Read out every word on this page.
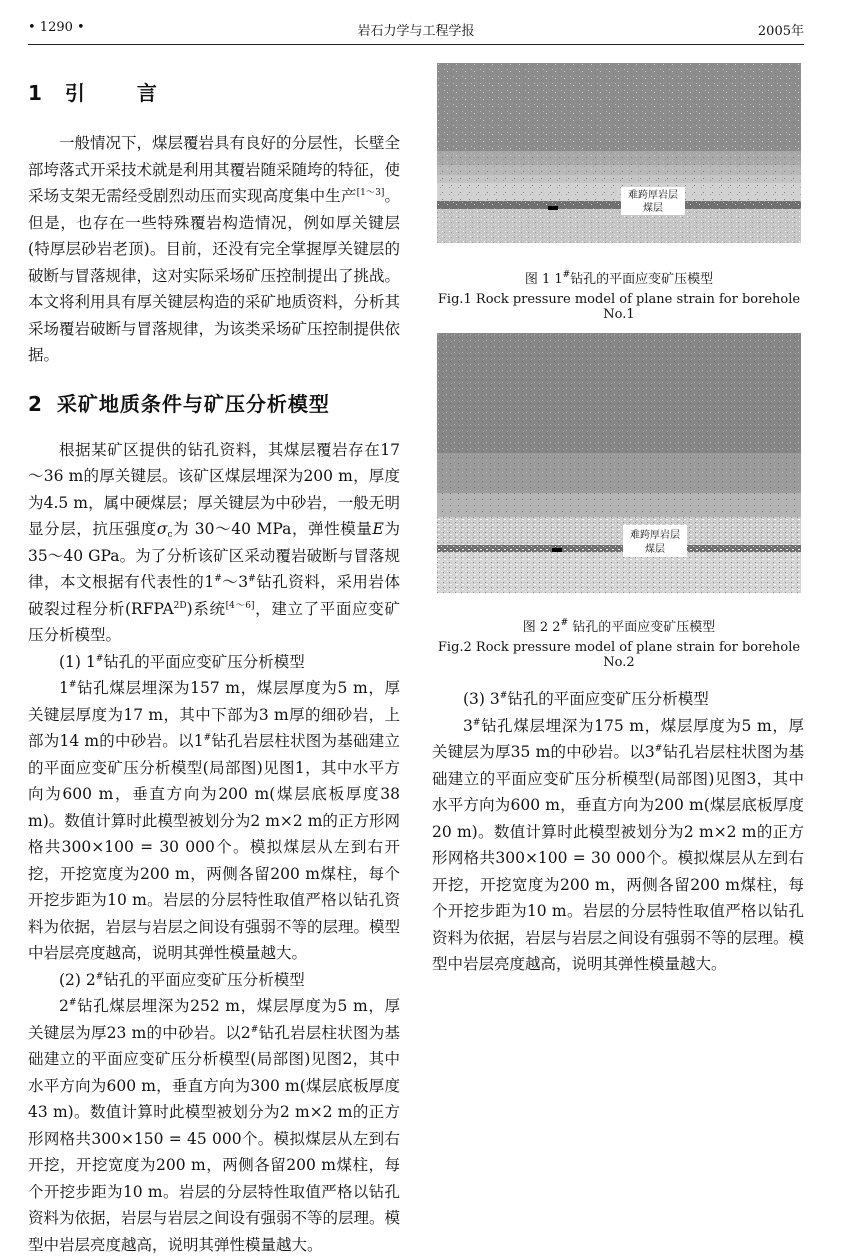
• 1290 •	岩石力学与工程学报	2005年
1 引　言

一般情况下，煤层覆岩具有良好的分层性，长壁全部垮落式开采技术就是利用其覆岩随采随垮的特征，使采场支架无需经受剧烈动压而实现高度集中生产[1～3]。但是，也存在一些特殊覆岩构造情况，例如厚关键层(特厚层砂岩老顶)。目前，还没有完全掌握厚关键层的破断与冒落规律，这对实际采场矿压控制提出了挑战。本文将利用具有厚关键层构造的采矿地质资料，分析其采场覆岩破断与冒落规律，为该类采场矿压控制提供依据。

2 采矿地质条件与矿压分析模型

根据某矿区提供的钻孔资料，其煤层覆岩存在17～36 m的厚关键层。该矿区煤层埋深为200 m，厚度为4.5 m，属中硬煤层；厚关键层为中砂岩，一般无明显分层，抗压强度$\sigma_c$为 30～40 MPa，弹性模量E为35～40 GPa。为了分析该矿区采动覆岩破断与冒落规律，本文根据有代表性的1#～3#钻孔资料，采用岩体破裂过程分析$(RFPA^{2D})$系统[4～6]，建立了平面应变矿压分析模型。

(1) 1#钻孔的平面应变矿压分析模型

1#钻孔煤层埋深为157 m，煤层厚度为5 m，厚关键层厚度为17 m，其中下部为3 m厚的细砂岩，上部为14 m的中砂岩。以1#钻孔岩层柱状图为基础建立的平面应变矿压分析模型(局部图)见图1，其中水平方向为600 m，垂直方向为200 m(煤层底板厚度38 m)。数值计算时此模型被划分为2 m×2 m的正方形网格共300×100 = 30 000个。模拟煤层从左到右开挖，开挖宽度为200 m，两侧各留200 m煤柱，每个开挖步距为10 m。岩层的分层特性取值严格以钻孔资料为依据，岩层与岩层之间设有强弱不等的层理。模型中岩层亮度越高，说明其弹性模量越大。

(2) 2#钻孔的平面应变矿压分析模型

2#钻孔煤层埋深为252 m，煤层厚度为5 m，厚关键层为厚23 m的中砂岩。以2#钻孔岩层柱状图为基础建立的平面应变矿压分析模型(局部图)见图2，其中水平方向为600 m，垂直方向为300 m(煤层底板厚度 43 m)。数值计算时此模型被划分为2 m×2 m的正方形网格共300×150 = 45 000个。模拟煤层从左到右开挖，开挖宽度为200 m，两侧各留200 m煤柱，每个开挖步距为10 m。岩层的分层特性取值严格以钻孔资料为依据，岩层与岩层之间设有强弱不等的层理。模型中岩层亮度越高，说明其弹性模量越大。

难跨厚岩层
煤层
图 1 1#钻孔的平面应变矿压模型
Fig.1 Rock pressure model of plane strain for borehole No.1
难跨厚岩层
煤层
图 2 2# 钻孔的平面应变矿压模型
Fig.2 Rock pressure model of plane strain for borehole No.2

(3) 3#钻孔的平面应变矿压分析模型

3#钻孔煤层埋深为175 m，煤层厚度为5 m，厚关键层为厚35 m的中砂岩。以3#钻孔岩层柱状图为基础建立的平面应变矿压分析模型(局部图)见图3，其中水平方向为600 m，垂直方向为200 m(煤层底板厚度20 m)。数值计算时此模型被划分为2 m×2 m的正方形网格共300×100 = 30 000个。模拟煤层从左到右开挖，开挖宽度为200 m，两侧各留200 m煤柱，每个开挖步距为10 m。岩层的分层特性取值严格以钻孔资料为依据，岩层与岩层之间设有强弱不等的层理。模型中岩层亮度越高，说明其弹性模量越大。
